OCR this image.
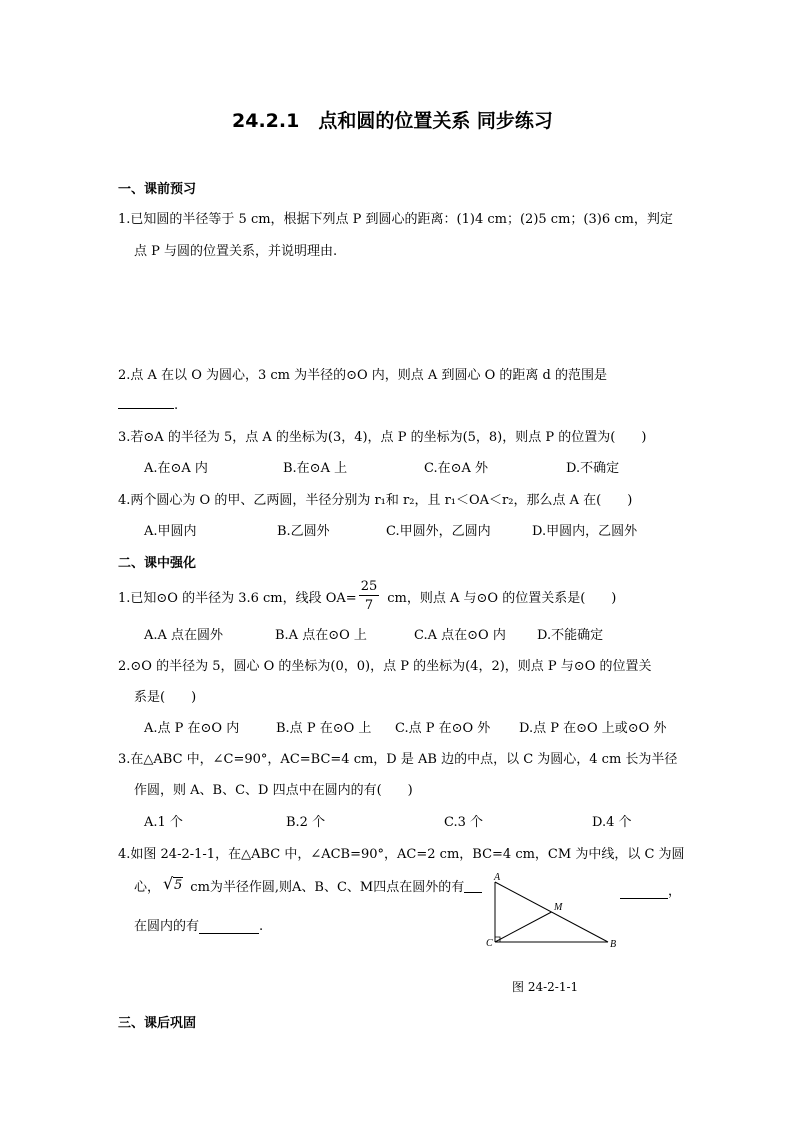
24.2.1　点和圆的位置关系 同步练习
一、课前预习
1.已知圆的半径等于 5 cm，根据下列点 P 到圆心的距离：(1)4 cm；(2)5 cm；(3)6 cm，判定
点 P 与圆的位置关系，并说明理由.
2.点 A 在以 O 为圆心，3 cm 为半径的⊙O 内，则点 A 到圆心 O 的距离 d 的范围是
.
3.若⊙A 的半径为 5，点 A 的坐标为(3，4)，点 P 的坐标为(5，8)，则点 P 的位置为(　　)
A.在⊙A 内	B.在⊙A 上	C.在⊙A 外	D.不确定
4.两个圆心为 O 的甲、乙两圆，半径分别为 r₁和 r₂，且 r₁＜OA＜r₂，那么点 A 在(　　)
A.甲圆内	B.乙圆外	C.甲圆外，乙圆内	D.甲圆内，乙圆外
二、课中强化
1.已知⊙O 的半径为 3.6 cm，线段 $OA= \frac{25}{7}$ cm，则点 A 与⊙O 的位置关系是(　　)
A.A 点在圆外	B.A 点在⊙O 上	C.A 点在⊙O 内 D.不能确定
2.⊙O 的半径为 5，圆心 O 的坐标为(0，0)，点 P 的坐标为(4，2)，则点 P 与⊙O 的位置关
系是(　　)
A.点 P 在⊙O 内	B.点 P 在⊙O 上 C.点 P 在⊙O 外 D.点 P 在⊙O 上或⊙O 外
3.在△ABC 中，∠C=90°，AC=BC=4 cm，D 是 AB 边的中点，以 C 为圆心，4 cm 长为半径
作圆，则 A、B、C、D 四点中在圆内的有(　　)
A.1 个	B.2 个	C.3 个	D.4 个
4.如图 24-2-1-1，在△ABC 中，∠ACB=90°，AC=2 cm，BC=4 cm，CM 为中线，以 C 为圆
心， √ 5 cm为半径作圆,则A、B、C、M四点在圆外的有	，
在圆内的有	.
A
M
C	B
图 24-2-1-1
三、课后巩固
